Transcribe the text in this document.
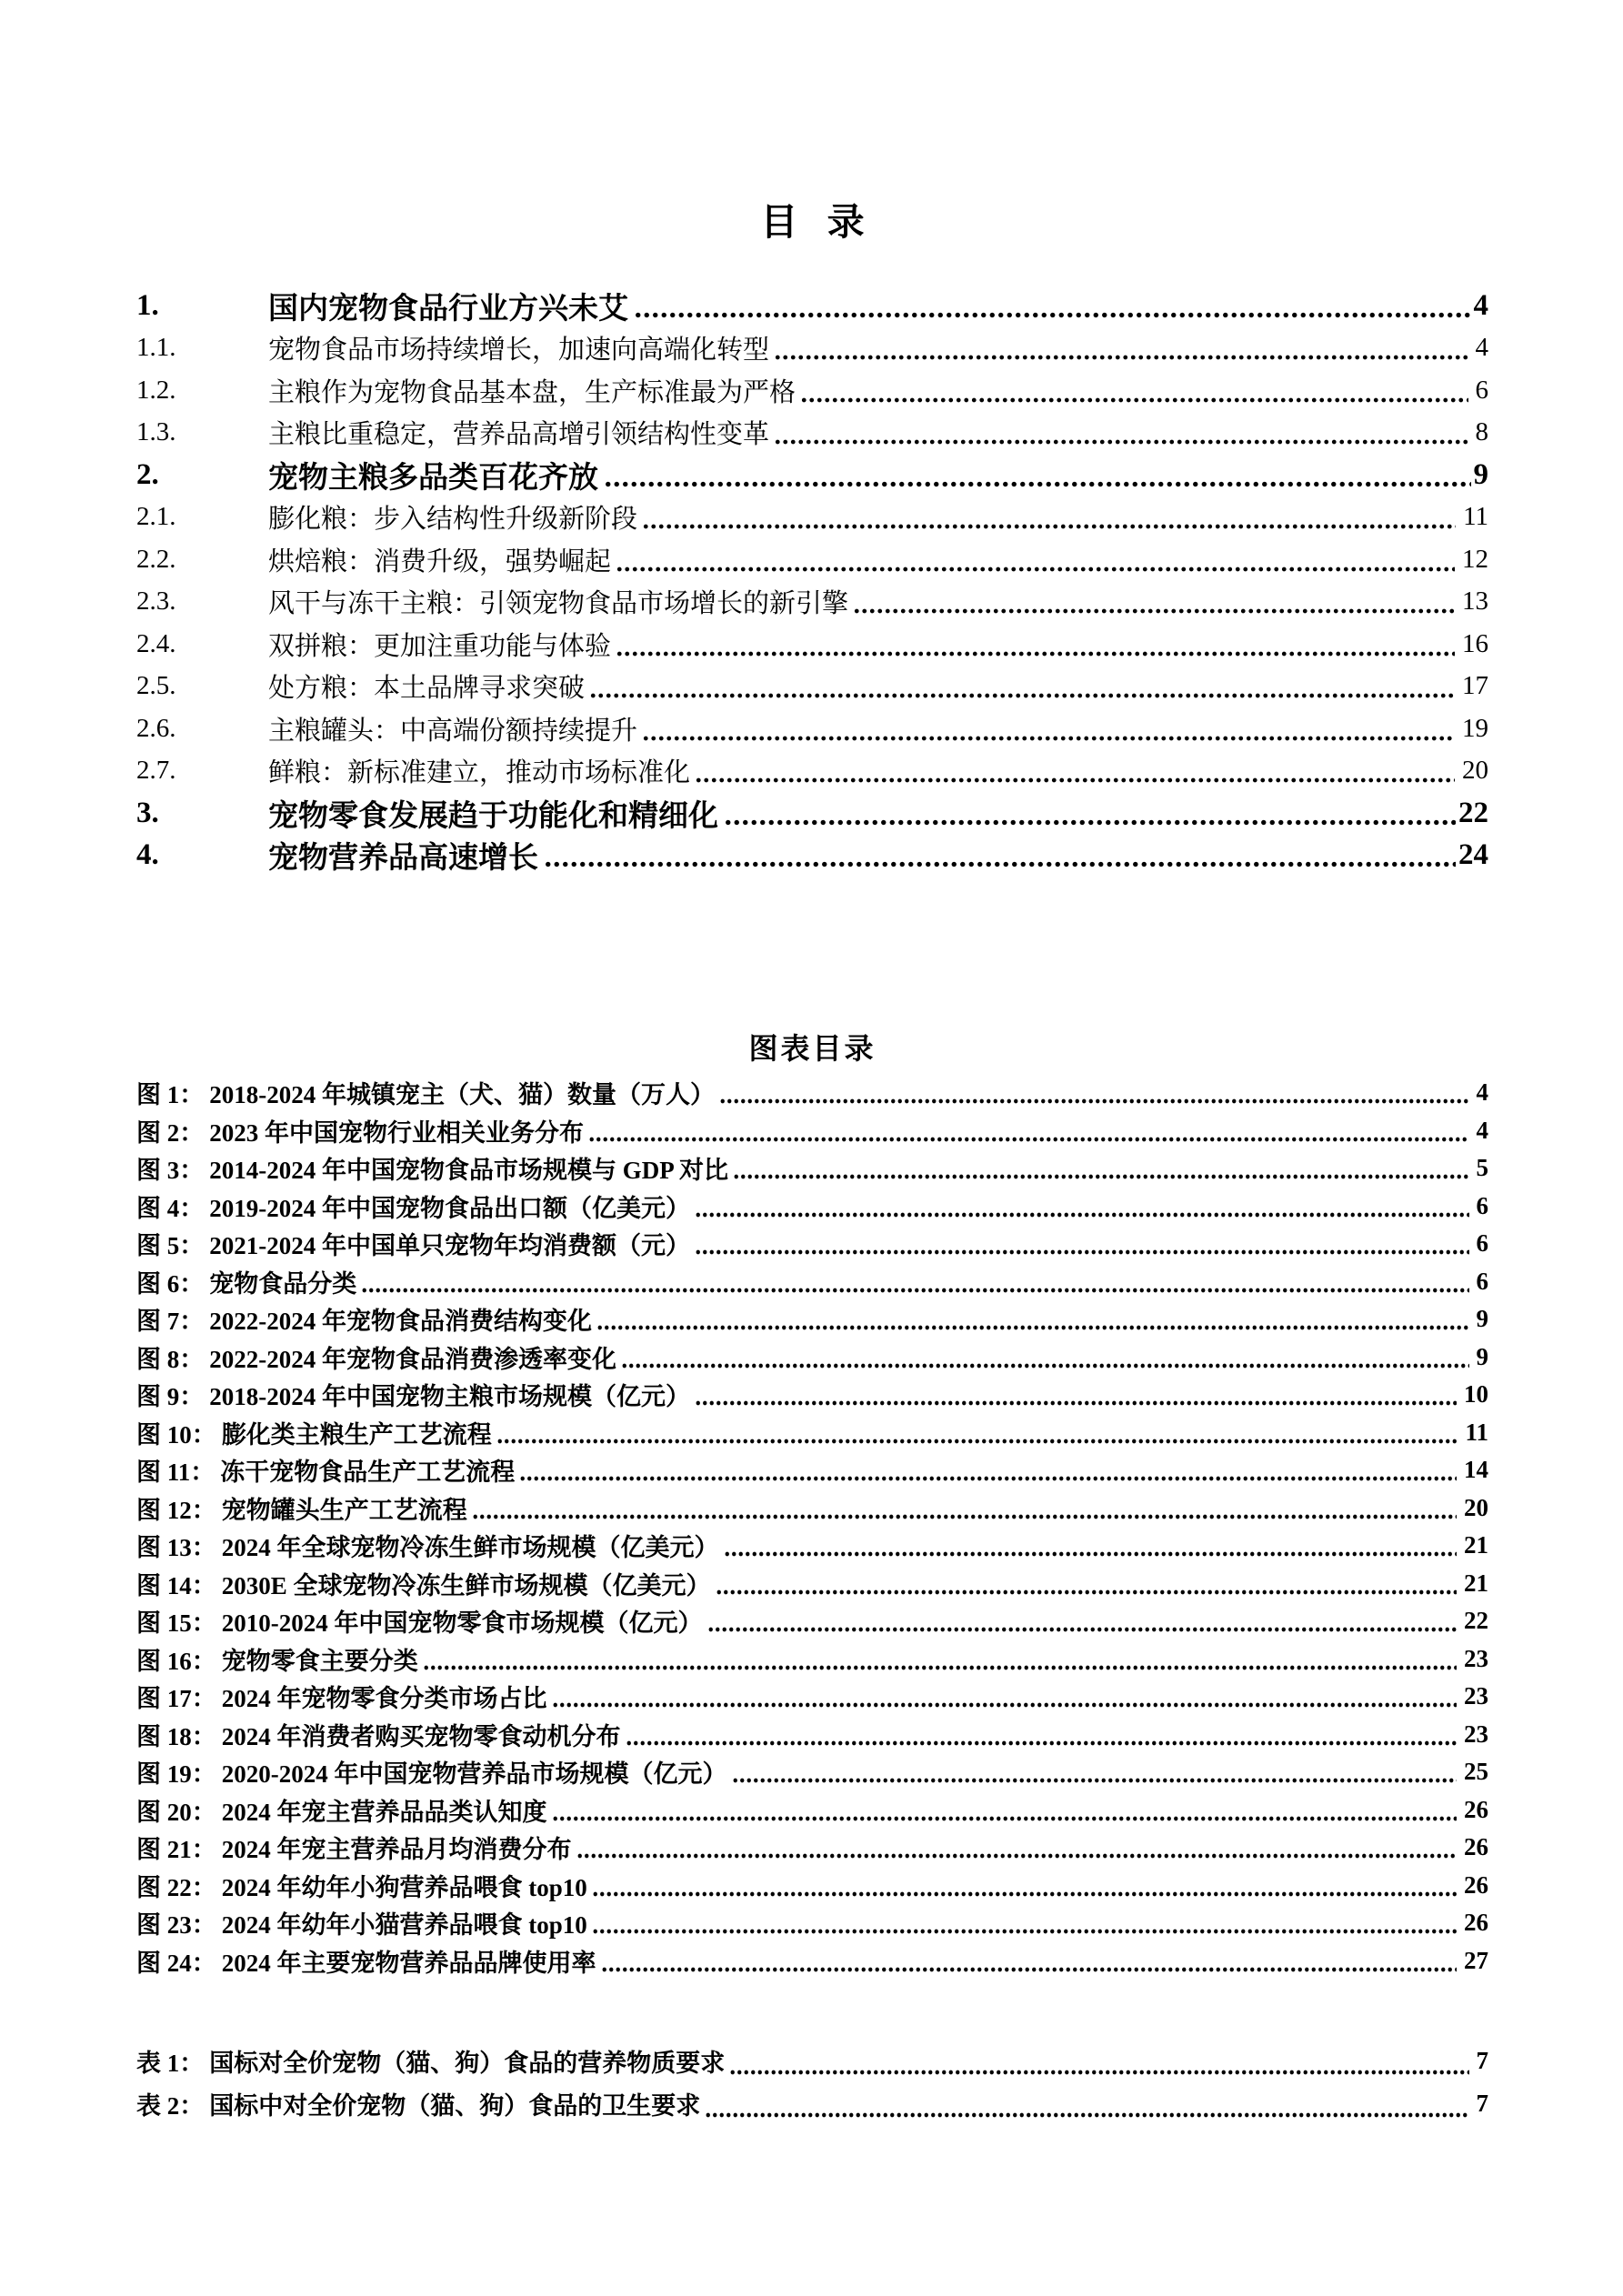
目 录
1.	国内宠物食品行业方兴未艾	4
1.1.	宠物食品市场持续增长，加速向高端化转型	4
1.2.	主粮作为宠物食品基本盘，生产标准最为严格	6
1.3.	主粮比重稳定，营养品高增引领结构性变革	8
2.	宠物主粮多品类百花齐放	9
2.1.	膨化粮：步入结构性升级新阶段	11
2.2.	烘焙粮：消费升级，强势崛起	12
2.3.	风干与冻干主粮：引领宠物食品市场增长的新引擎	13
2.4.	双拼粮：更加注重功能与体验	16
2.5.	处方粮：本土品牌寻求突破	17
2.6.	主粮罐头：中高端份额持续提升	19
2.7.	鲜粮：新标准建立，推动市场标准化	20
3.	宠物零食发展趋于功能化和精细化	22
4.	宠物营养品高速增长	24
图表目录
图 1： 2018-2024 年城镇宠主（犬、猫）数量（万人）	4
图 2： 2023 年中国宠物行业相关业务分布	4
图 3： 2014-2024 年中国宠物食品市场规模与 GDP 对比	5
图 4： 2019-2024 年中国宠物食品出口额（亿美元）	6
图 5： 2021-2024 年中国单只宠物年均消费额（元）	6
图 6： 宠物食品分类	6
图 7： 2022-2024 年宠物食品消费结构变化	9
图 8： 2022-2024 年宠物食品消费渗透率变化	9
图 9： 2018-2024 年中国宠物主粮市场规模（亿元）	10
图 10： 膨化类主粮生产工艺流程	11
图 11： 冻干宠物食品生产工艺流程	14
图 12： 宠物罐头生产工艺流程	20
图 13： 2024 年全球宠物冷冻生鲜市场规模（亿美元）	21
图 14： 2030E 全球宠物冷冻生鲜市场规模（亿美元）	21
图 15： 2010-2024 年中国宠物零食市场规模（亿元）	22
图 16： 宠物零食主要分类	23
图 17： 2024 年宠物零食分类市场占比	23
图 18： 2024 年消费者购买宠物零食动机分布	23
图 19： 2020-2024 年中国宠物营养品市场规模（亿元）	25
图 20： 2024 年宠主营养品品类认知度	26
图 21： 2024 年宠主营养品月均消费分布	26
图 22： 2024 年幼年小狗营养品喂食 top10	26
图 23： 2024 年幼年小猫营养品喂食 top10	26
图 24： 2024 年主要宠物营养品品牌使用率	27
表 1： 国标对全价宠物（猫、狗）食品的营养物质要求	7
表 2： 国标中对全价宠物（猫、狗）食品的卫生要求	7
